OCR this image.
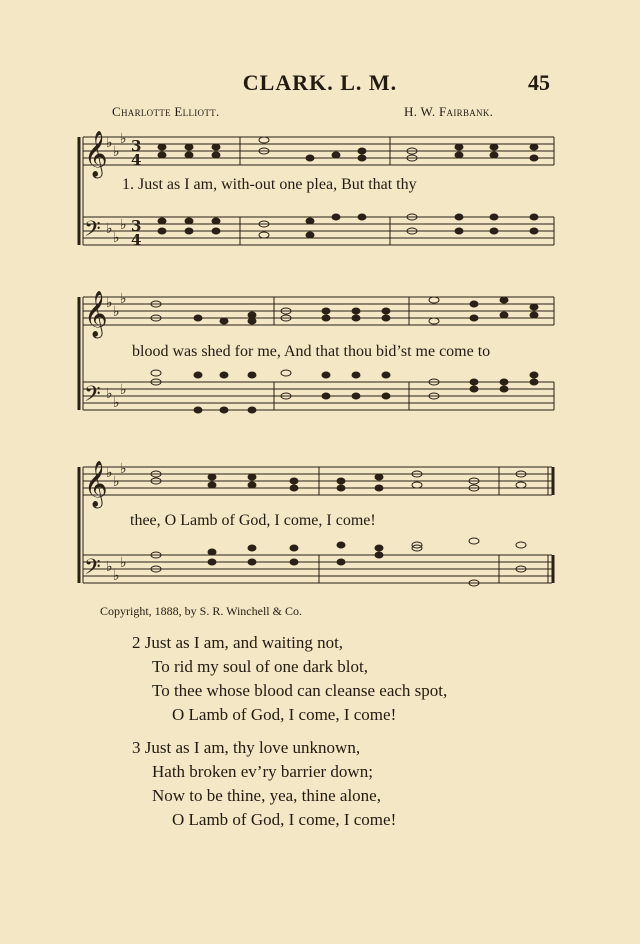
CLARK. L. M.	45
Charlotte Elliott.	H. W. Fairbank.
𝄞
𝄢
♭
♭
♭
♭
♭
♭
3
4
3
4
1. Just as I am, with-out one plea, But that thy
𝄞
𝄢
♭
♭
♭
♭
♭
♭
blood was shed for me, And that thou bid’st me come to
𝄞
𝄢
♭
♭
♭
♭
♭
♭
thee, O Lamb of God, I come, I come!
Copyright, 1888, by S. R. Winchell & Co.
2 Just as I am, and waiting not,
To rid my soul of one dark blot,
To thee whose blood can cleanse each spot,
O Lamb of God, I come, I come!
3 Just as I am, thy love unknown,
Hath broken ev’ry barrier down;
Now to be thine, yea, thine alone,
O Lamb of God, I come, I come!
